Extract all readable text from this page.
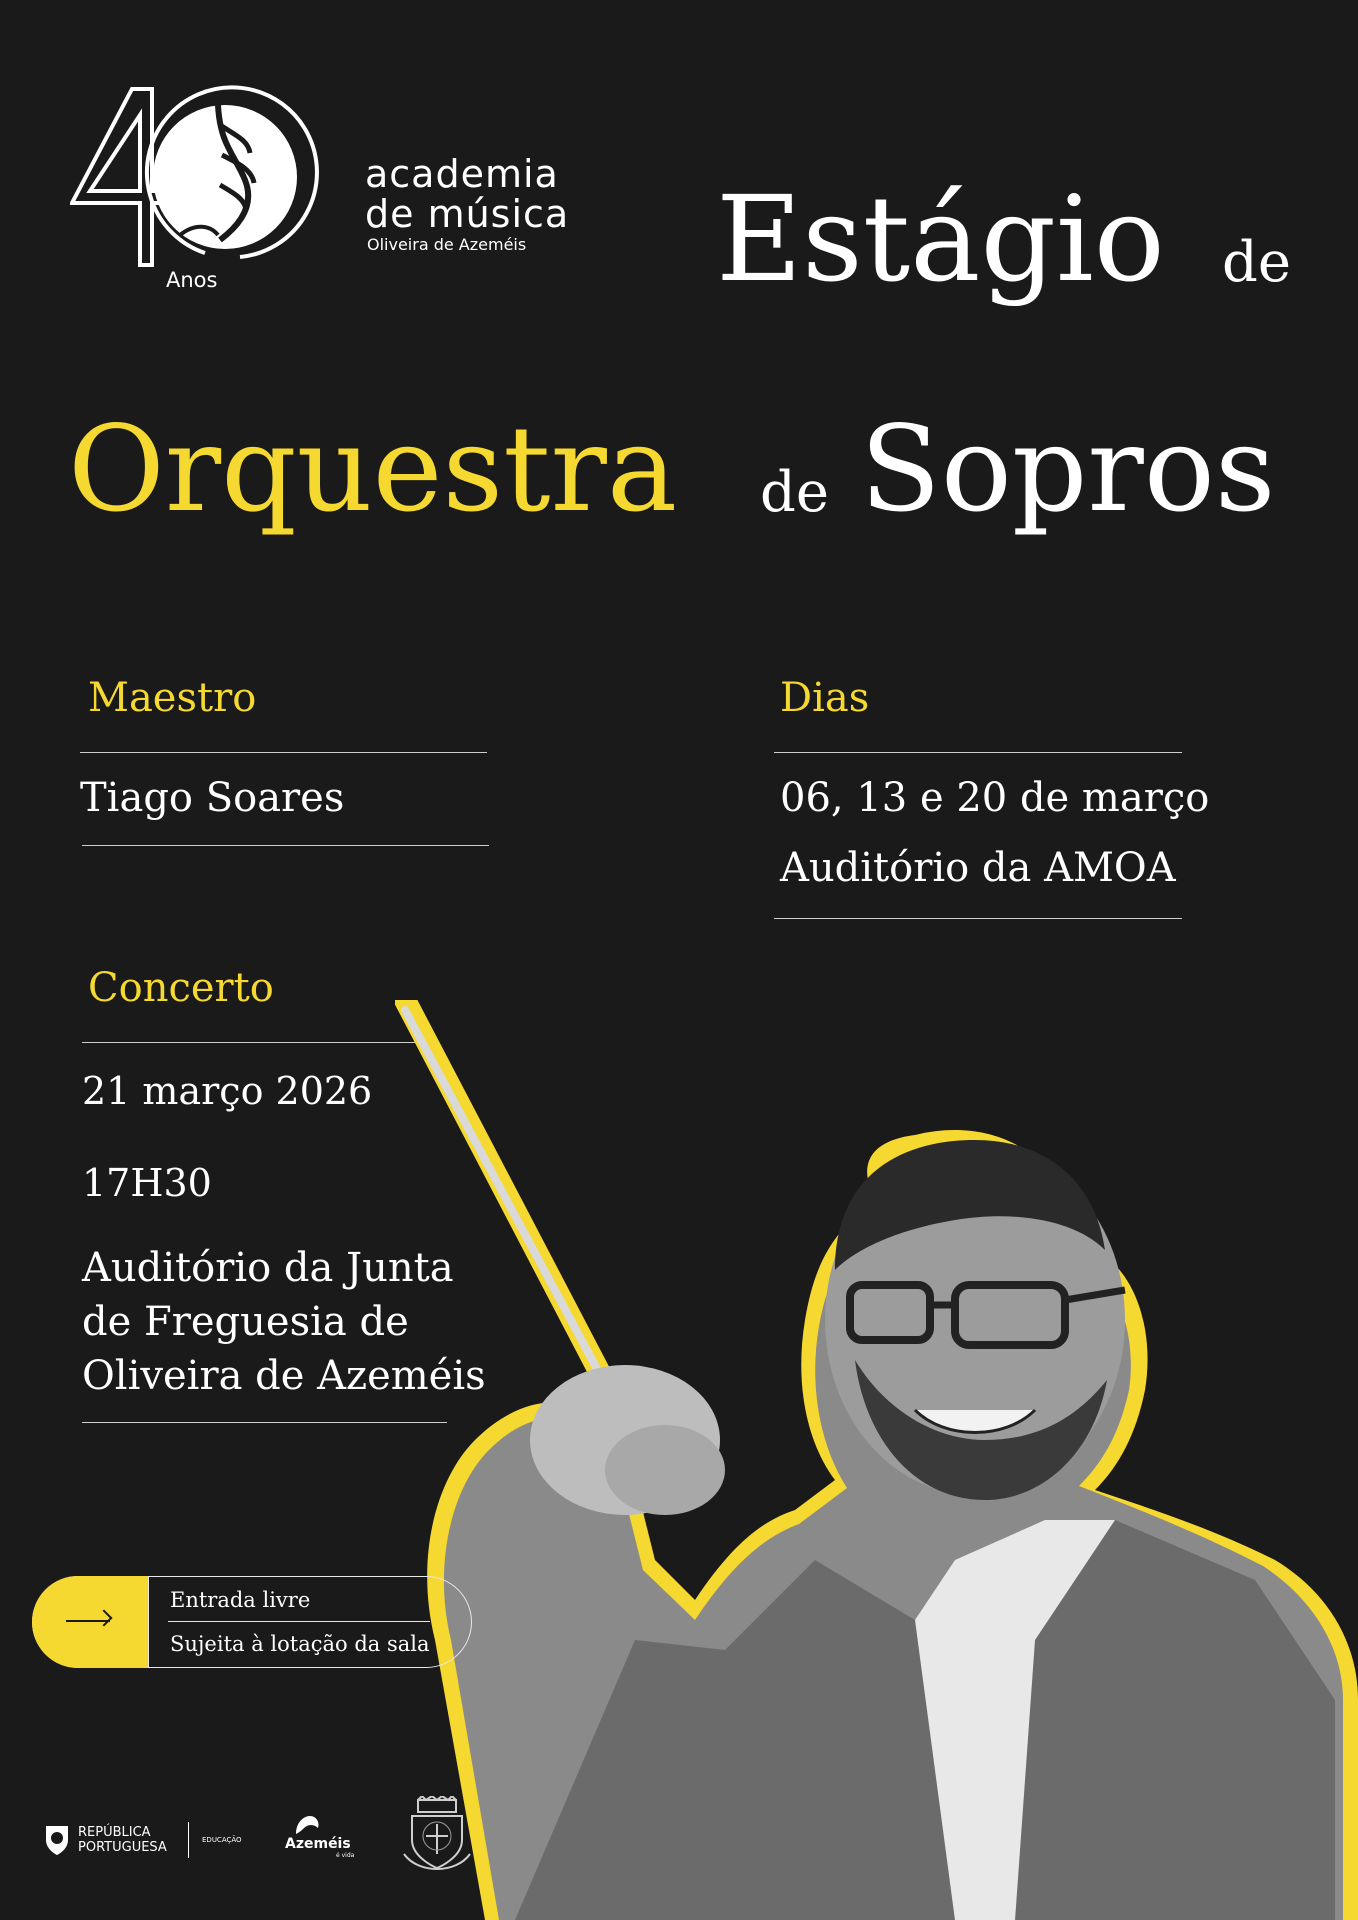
Anos
academia
de música
Oliveira de Azeméis Estágio de
Orquestra de Sopros
Maestro
Tiago Soares
Dias
06, 13 e 20 de março
Auditório da AMOA
Concerto
21 março 2026
17H30
Auditório da Junta
de Freguesia de
Oliveira de Azeméis
Entrada livre
Sujeita à lotação da sala
REPÚBLICA
PORTUGUESA	EDUCAÇÃO	Azeméis
é vida
